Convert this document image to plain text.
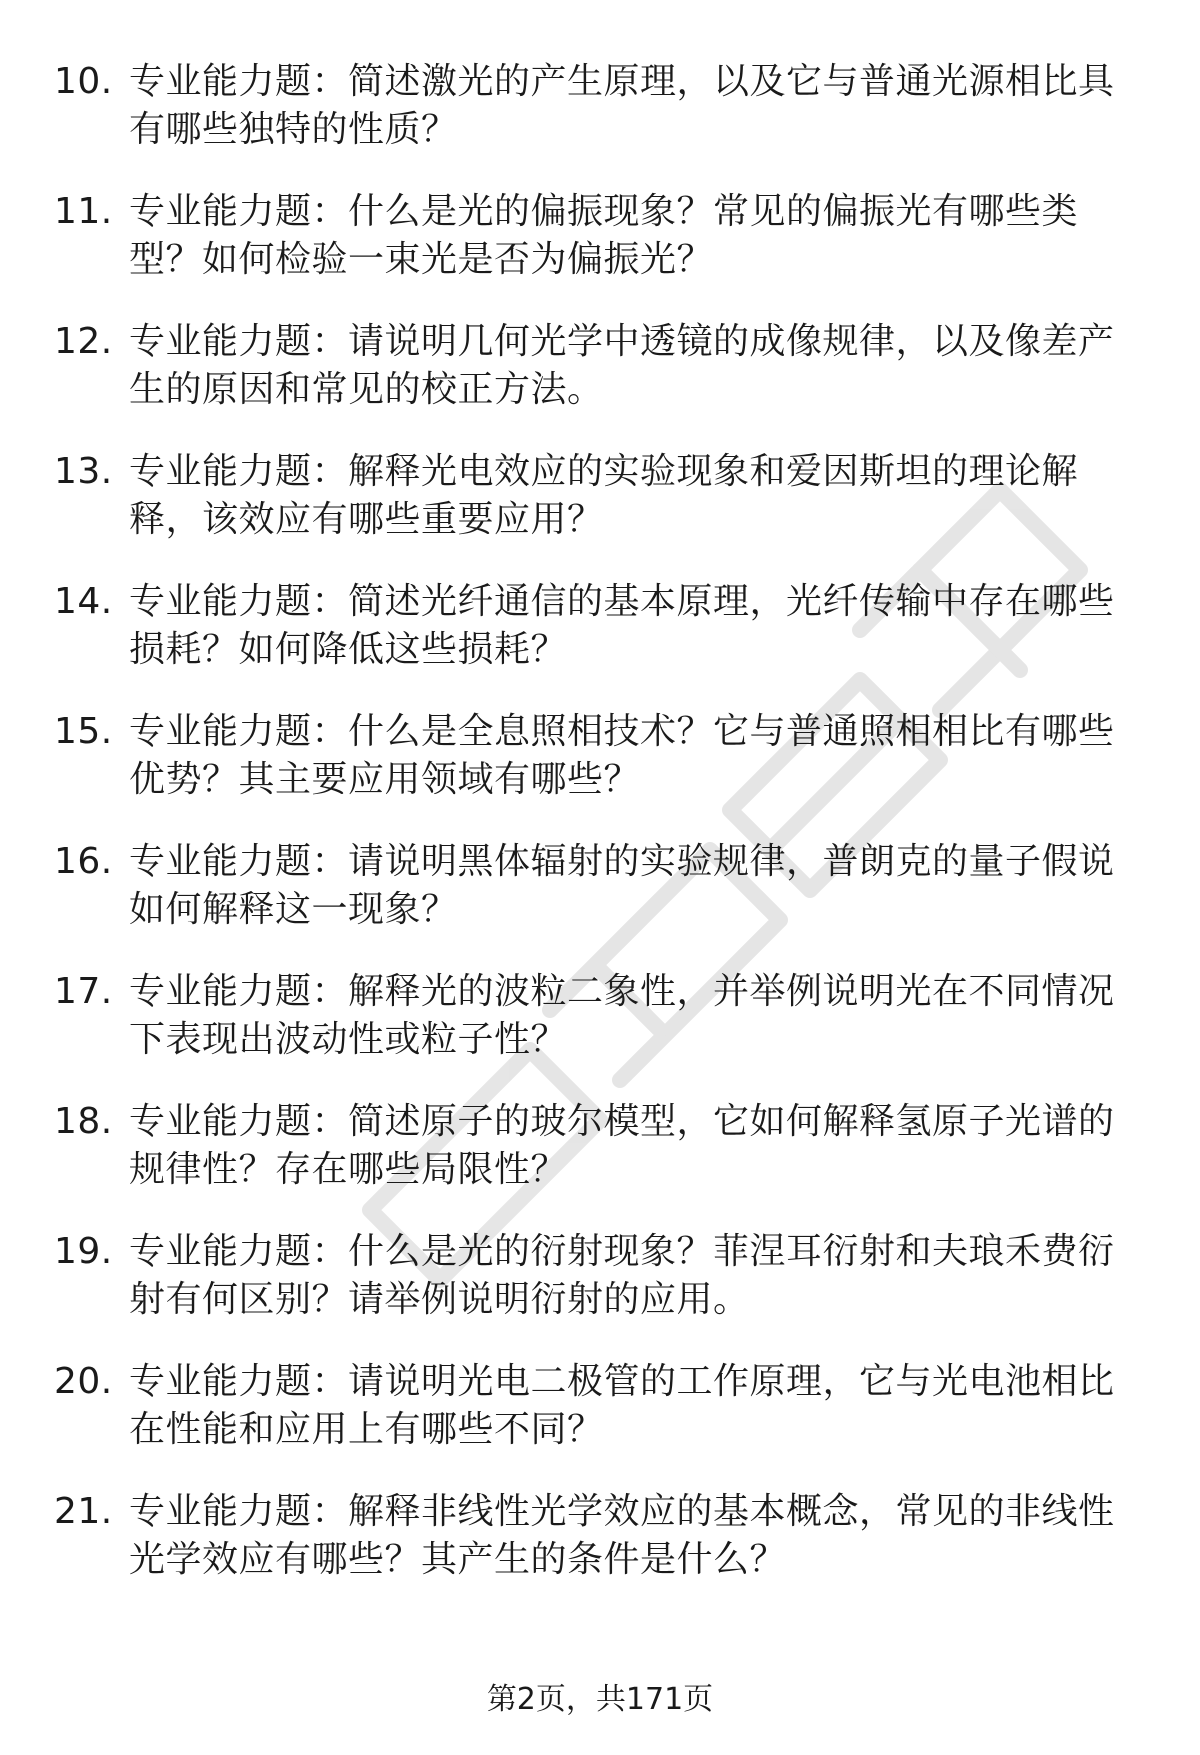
10. 专业能力题：简述激光的产生原理，以及它与普通光源相比具有哪些独特的性质？
11. 专业能力题：什么是光的偏振现象？常见的偏振光有哪些类型？如何检验一束光是否为偏振光？
12. 专业能力题：请说明几何光学中透镜的成像规律，以及像差产生的原因和常见的校正方法。
13. 专业能力题：解释光电效应的实验现象和爱因斯坦的理论解释，该效应有哪些重要应用？
14. 专业能力题：简述光纤通信的基本原理，光纤传输中存在哪些损耗？如何降低这些损耗？
15. 专业能力题：什么是全息照相技术？它与普通照相相比有哪些优势？其主要应用领域有哪些？
16. 专业能力题：请说明黑体辐射的实验规律，普朗克的量子假说如何解释这一现象？
17. 专业能力题：解释光的波粒二象性，并举例说明光在不同情况下表现出波动性或粒子性？
18. 专业能力题：简述原子的玻尔模型，它如何解释氢原子光谱的规律性？存在哪些局限性？
19. 专业能力题：什么是光的衍射现象？菲涅耳衍射和夫琅禾费衍射有何区别？请举例说明衍射的应用。
20. 专业能力题：请说明光电二极管的工作原理，它与光电池相比在性能和应用上有哪些不同？
21. 专业能力题：解释非线性光学效应的基本概念，常见的非线性光学效应有哪些？其产生的条件是什么？
第2页，共171页
